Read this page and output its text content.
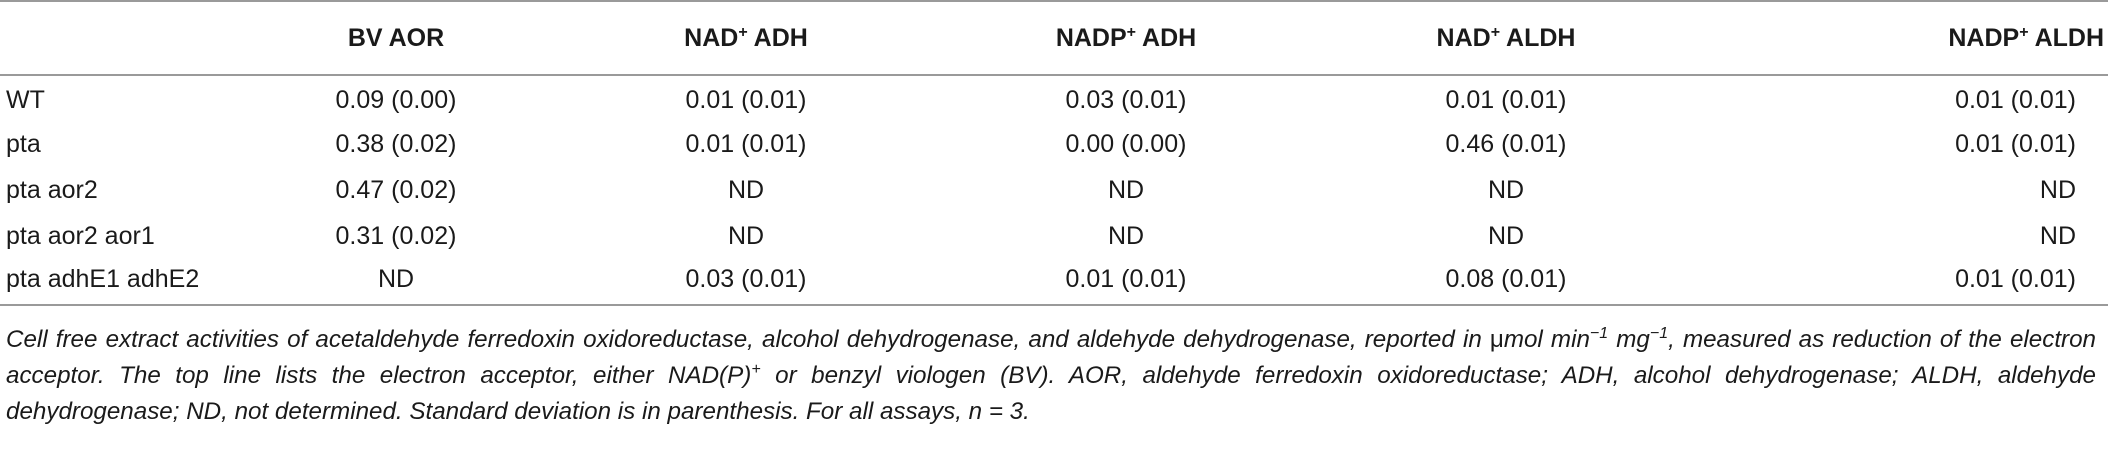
	BV AOR	NAD+ ADH	NADP+ ADH	NAD+ ALDH	NADP+ ALDH
WT	0.09 (0.00)	0.01 (0.01)	0.03 (0.01)	0.01 (0.01)	0.01 (0.01)
pta	0.38 (0.02)	0.01 (0.01)	0.00 (0.00)	0.46 (0.01)	0.01 (0.01)
pta aor2	0.47 (0.02)	ND	ND	ND	ND
pta aor2 aor1	0.31 (0.02)	ND	ND	ND	ND
pta adhE1 adhE2	ND	0.03 (0.01)	0.01 (0.01)	0.08 (0.01)	0.01 (0.01)

Cell free extract activities of acetaldehyde ferredoxin oxidoreductase, alcohol dehydrogenase, and aldehyde dehydrogenase, reported in μmol $\min^{-1} mg^{-1}$, measured as reduction of the electron acceptor. The top line lists the electron acceptor, either NAD(P)+ or benzyl viologen (BV). AOR, aldehyde ferredoxin oxidoreductase; ADH, alcohol dehydrogenase; ALDH, aldehyde dehydrogenase; ND, not determined. Standard deviation is in parenthesis. For all assays, n = 3.
